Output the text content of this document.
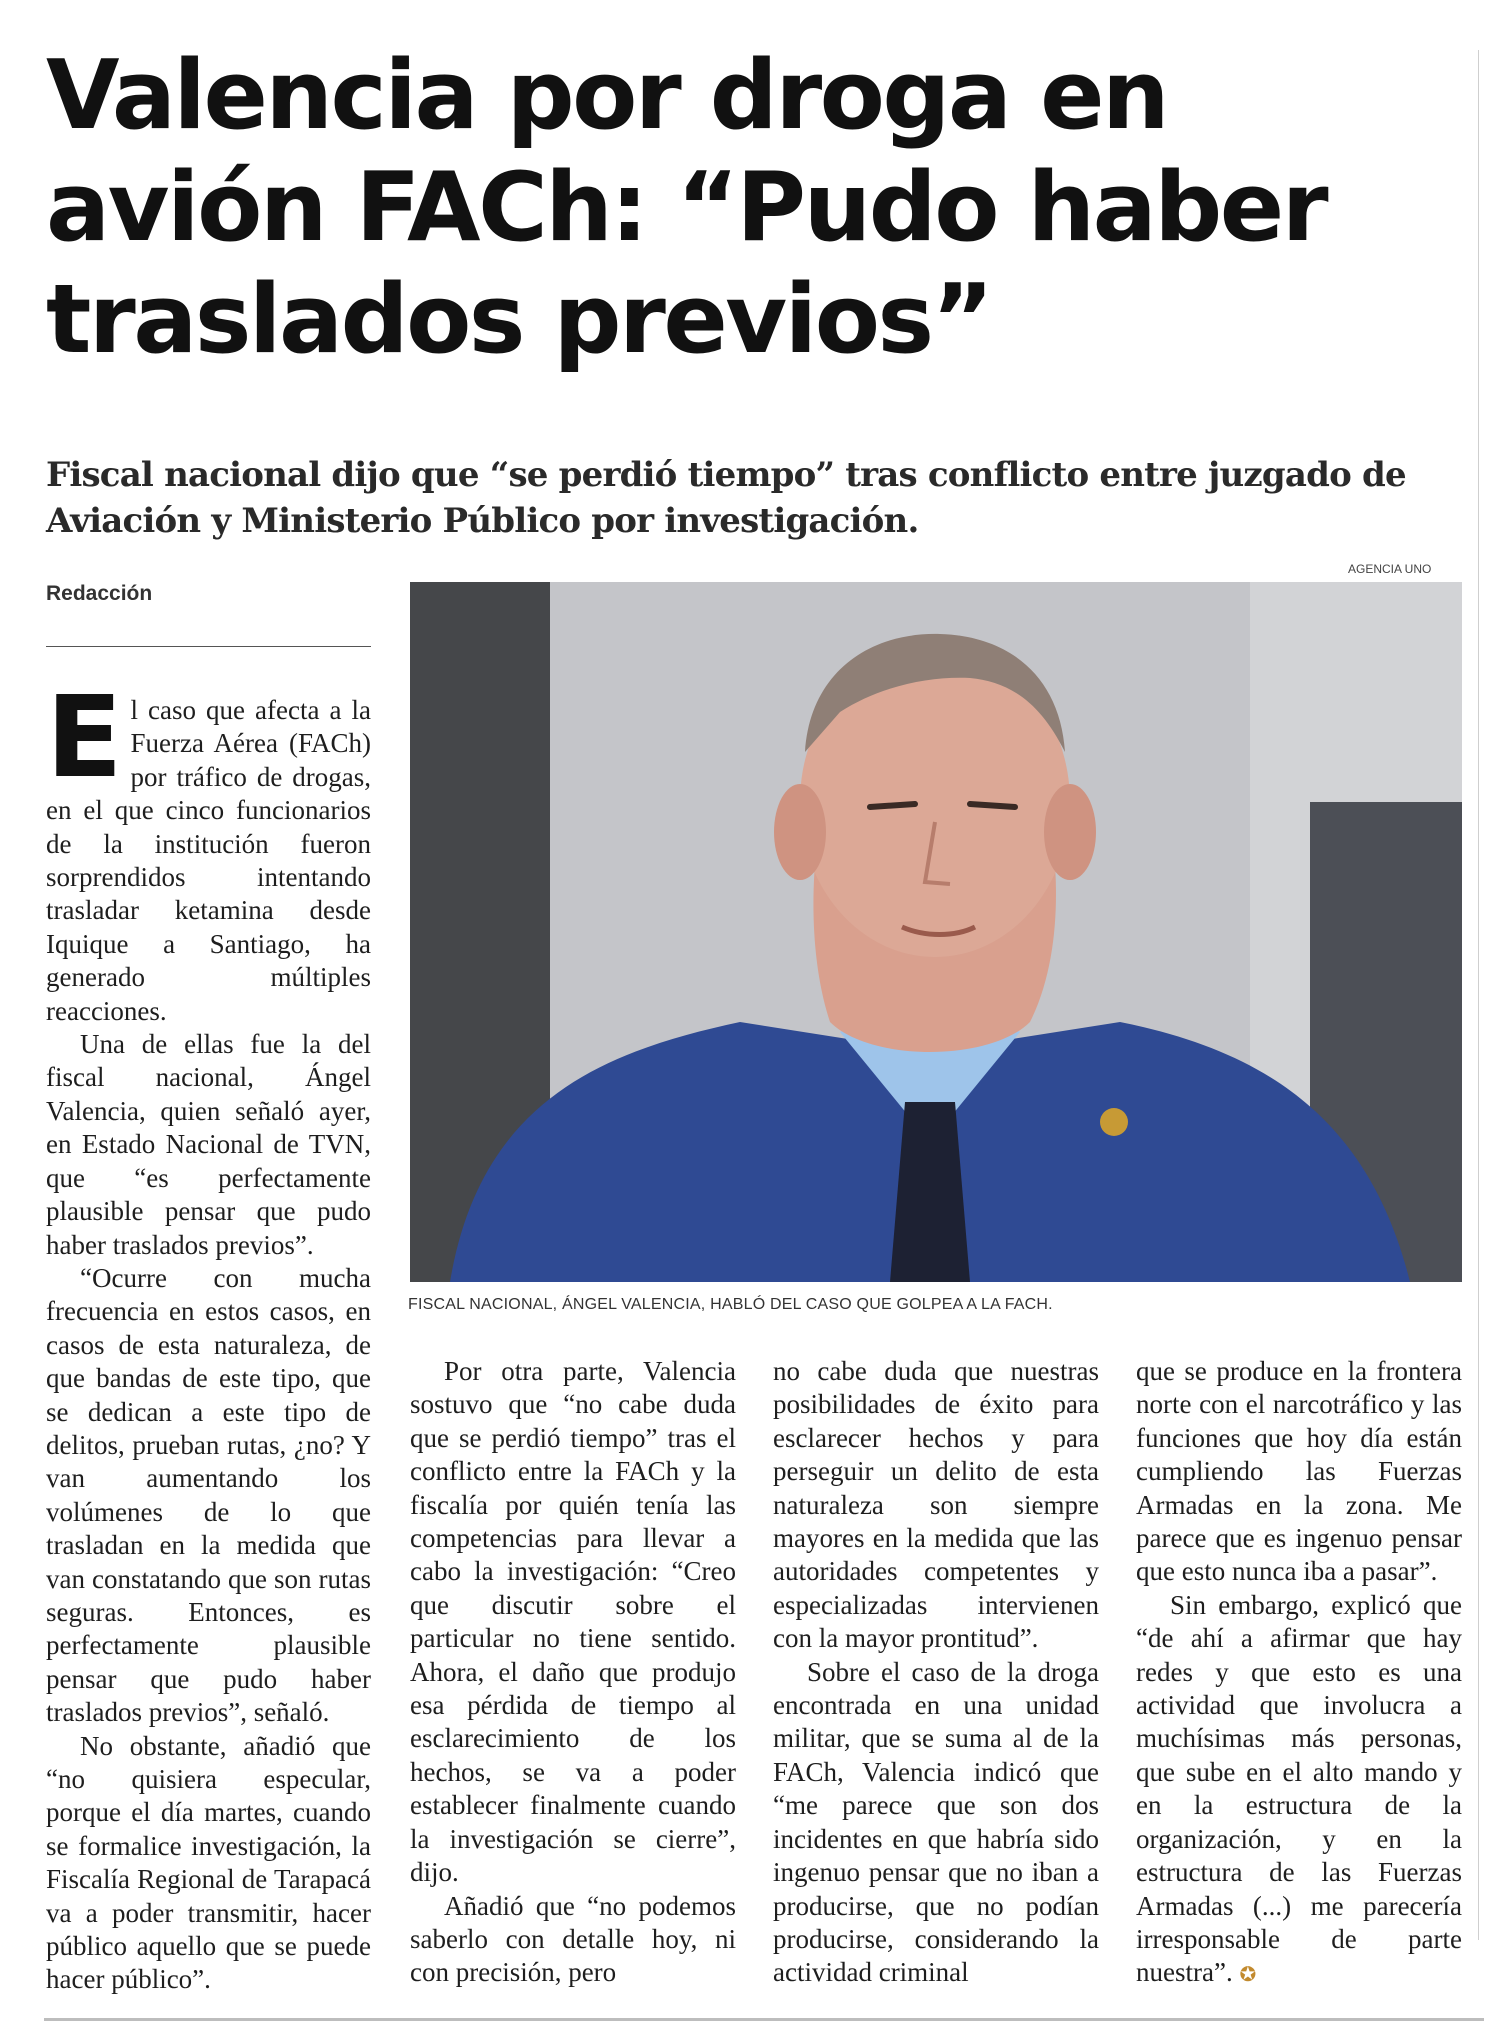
Valencia por droga en avión FACh: “Pudo haber traslados previos”
Fiscal nacional dijo que “se perdió tiempo” tras conflicto entre juzgado de Aviación y Ministerio Público por investigación.
Redacción
AGENCIA UNO
FISCAL NACIONAL, ÁNGEL VALENCIA, HABLÓ DEL CASO QUE GOLPEA A LA FACH.

El caso que afecta a la Fuerza Aérea (FACh) por tráfico de drogas, en el que cinco funcionarios de la institución fueron sorprendidos intentando trasladar ketamina desde Iquique a Santiago, ha generado múltiples reacciones.

Una de ellas fue la del fiscal nacional, Ángel Valencia, quien señaló ayer, en Estado Nacional de TVN, que “es perfectamente plausible pensar que pudo haber traslados previos”.

“Ocurre con mucha frecuencia en estos casos, en casos de esta naturaleza, de que bandas de este tipo, que se dedican a este tipo de delitos, prueban rutas, ¿no? Y van aumentando los volúmenes de lo que trasladan en la medida que van constatando que son rutas seguras. Entonces, es perfectamente plausible pensar que pudo haber traslados previos”, señaló.

No obstante, añadió que “no quisiera especular, porque el día martes, cuando se formalice investigación, la Fiscalía Regional de Tarapacá va a poder transmitir, hacer público aquello que se puede hacer público”.

Por otra parte, Valencia sostuvo que “no cabe duda que se perdió tiempo” tras el conflicto entre la FACh y la fiscalía por quién tenía las competencias para llevar a cabo la investigación: “Creo que discutir sobre el particular no tiene sentido. Ahora, el daño que produjo esa pérdida de tiempo al esclarecimiento de los hechos, se va a poder establecer finalmente cuando la investigación se cierre”, dijo.

Añadió que “no podemos saberlo con detalle hoy, ni con precisión, pero

no cabe duda que nuestras posibilidades de éxito para esclarecer hechos y para perseguir un delito de esta naturaleza son siempre mayores en la medida que las autoridades competentes y especializadas intervienen con la mayor prontitud”.

Sobre el caso de la droga encontrada en una unidad militar, que se suma al de la FACh, Valencia indicó que “me parece que son dos incidentes en que habría sido ingenuo pensar que no iban a producirse, que no podían producirse, considerando la actividad criminal

que se produce en la frontera norte con el narcotráfico y las funciones que hoy día están cumpliendo las Fuerzas Armadas en la zona. Me parece que es ingenuo pensar que esto nunca iba a pasar”.

Sin embargo, explicó que “de ahí a afirmar que hay redes y que esto es una actividad que involucra a muchísimas más personas, que sube en el alto mando y en la estructura de la organización, y en la estructura de las Fuerzas Armadas (...) me parecería irresponsable de parte nuestra”. ✪
